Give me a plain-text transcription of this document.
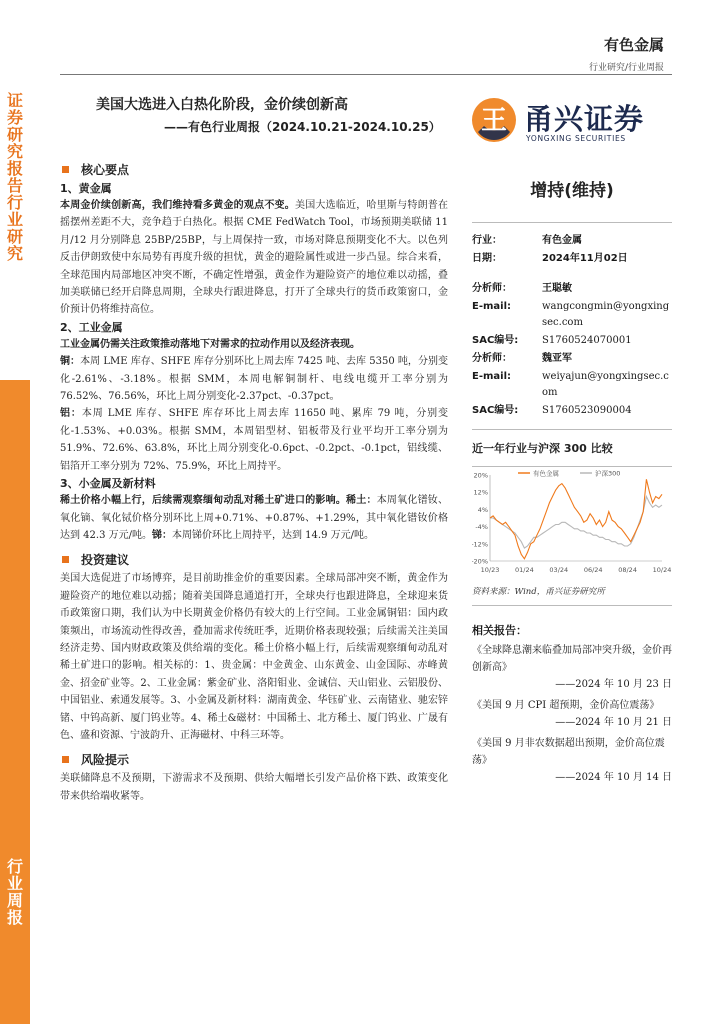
证券研究报告 行业研究
行业周报
有色金属
行业研究/行业周报
美国大选进入白热化阶段，金价续创新高
——有色行业周报（2024.10.21-2024.10.25） 王 甬兴证券
YONGXING SECURITIES
核心要点
1、黄金属

本周金价续创新高，我们维持看多黄金的观点不变。美国大选临近，哈里斯与特朗普在摇摆州差距不大，竞争趋于白热化。根据 CME FedWatch Tool，市场预期美联储 11 月/12 月分别降息 25BP/25BP，与上周保持一致，市场对降息预期变化不大。以色列反击伊朗致使中东局势有再度升级的担忧，黄金的避险属性或进一步凸显。综合来看，全球范围内局部地区冲突不断，不确定性增强，黄金作为避险资产的地位难以动摇，叠加美联储已经开启降息周期，全球央行跟进降息，打开了全球央行的货币政策窗口，金价预计仍将维持高位。

2、工业金属

工业金属仍需关注政策推动落地下对需求的拉动作用以及经济表现。

铜：本周 LME 库存、SHFE 库存分别环比上周去库 7425 吨、去库 5350 吨，分别变化-2.61%、-3.18%。根据 SMM，本周电解铜制杆、电线电缆开工率分别为 76.52%、76.56%，环比上周分别变化-2.37pct、-0.37pct。

铝：本周 LME 库存、SHFE 库存环比上周去库 11650 吨、累库 79 吨，分别变化-1.53%、+0.03%。根据 SMM，本周铝型材、铝板带及行业平均开工率分别为 51.9%、72.6%、63.8%，环比上周分别变化-0.6pct、-0.2pct、-0.1pct，铝线缆、铝箔开工率分别为 72%、75.9%，环比上周持平。

3、小金属及新材料

稀土价格小幅上行，后续需观察缅甸动乱对稀土矿进口的影响。稀土：本周氧化镨钕、氧化镝、氧化铽价格分别环比上周+0.71%、+0.87%、+1.29%，其中氧化镨钕价格达到 42.3 万元/吨。锑：本周锑价环比上周持平，达到 14.9 万元/吨。

投资建议

美国大选促进了市场博弈，是目前助推金价的重要因素。全球局部冲突不断，黄金作为避险资产的地位难以动摇；随着美国降息通道打开，全球央行也跟进降息，全球迎来货币政策窗口期，我们认为中长期黄金价格仍有较大的上行空间。工业金属铜铝：国内政策频出，市场流动性得改善，叠加需求传统旺季，近期价格表现较强；后续需关注美国经济走势、国内财政政策及供给端的变化。稀土价格小幅上行，后续需观察缅甸动乱对稀土矿进口的影响。相关标的：1、贵金属：中金黄金、山东黄金、山金国际、赤峰黄金、招金矿业等。2、工业金属：紫金矿业、洛阳钼业、金诚信、天山铝业、云铝股份、中国铝业、索通发展等。3、小金属及新材料：湖南黄金、华钰矿业、云南锗业、驰宏锌锗、中钨高新、厦门钨业等。4、稀土&磁材：中国稀土、北方稀土、厦门钨业、广晟有色、盛和资源、宁波韵升、正海磁材、中科三环等。

风险提示

美联储降息不及预期，下游需求不及预期、供给大幅增长引发产品价格下跌、政策变化带来供给端收紧等。

增持(维持)
行业：	有色金属
日期：	2024年11月02日
分析师：	王聪敏
E-mail:	wangcongmin@yongxingsec.com
SAC编号:	S1760524070001
分析师：	魏亚军
E-mail:	weiyajun@yongxingsec.com
SAC编号:	S1760523090004
近一年行业与沪深 300 比较
20%
12%
4%
-4%
-12%
-20%
10/23 01/24 03/24 06/24 08/24 10/24
有色金属	沪深300
资料来源：Wind，甬兴证券研究所
相关报告：
《全球降息潮来临叠加局部冲突升级，金价再创新高》
——2024 年 10 月 23 日
《美国 9 月 CPI 超预期，金价高位震荡》
——2024 年 10 月 21 日
《美国 9 月非农数据超出预期，金价高位震荡》
——2024 年 10 月 14 日
